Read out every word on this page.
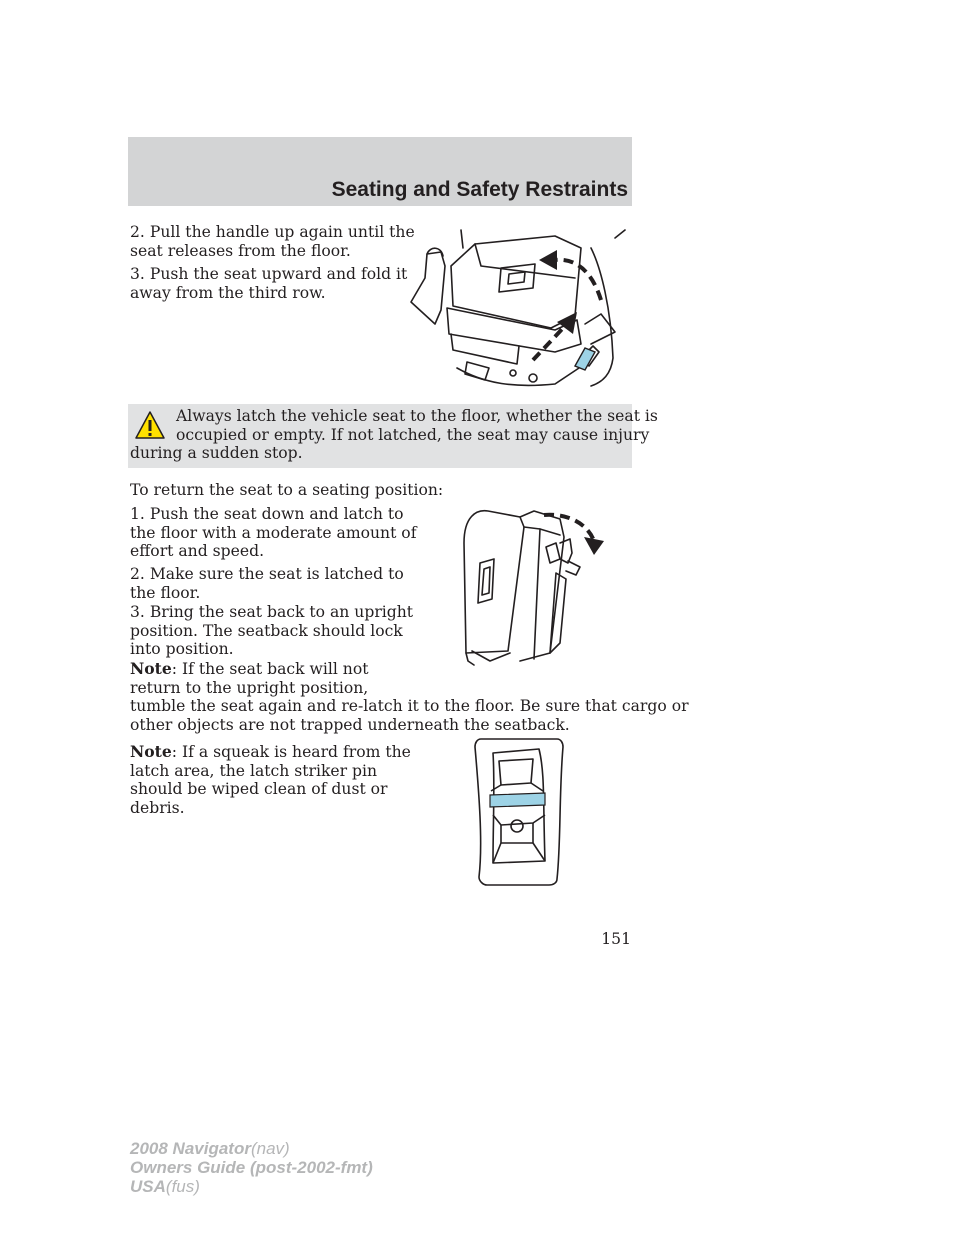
Seating and Safety Restraints

2. Pull the handle up again until the
seat releases from the floor.

3. Push the seat upward and fold it
away from the third row.

Always latch the vehicle seat to the floor, whether the seat is
occupied or empty. If not latched, the seat may cause injury
during a sudden stop.

To return the seat to a seating position:

1. Push the seat down and latch to
the floor with a moderate amount of
effort and speed.

2. Make sure the seat is latched to
the floor.

3. Bring the seat back to an upright
position. The seatback should lock
into position.

Note: If the seat back will not
return to the upright position,
tumble the seat again and re-latch it to the floor. Be sure that cargo or
other objects are not trapped underneath the seatback.

Note: If a squeak is heard from the
latch area, the latch striker pin
should be wiped clean of dust or
debris.

151

2008 Navigator(nav)
Owners Guide (post-2002-fmt)
USA(fus)
